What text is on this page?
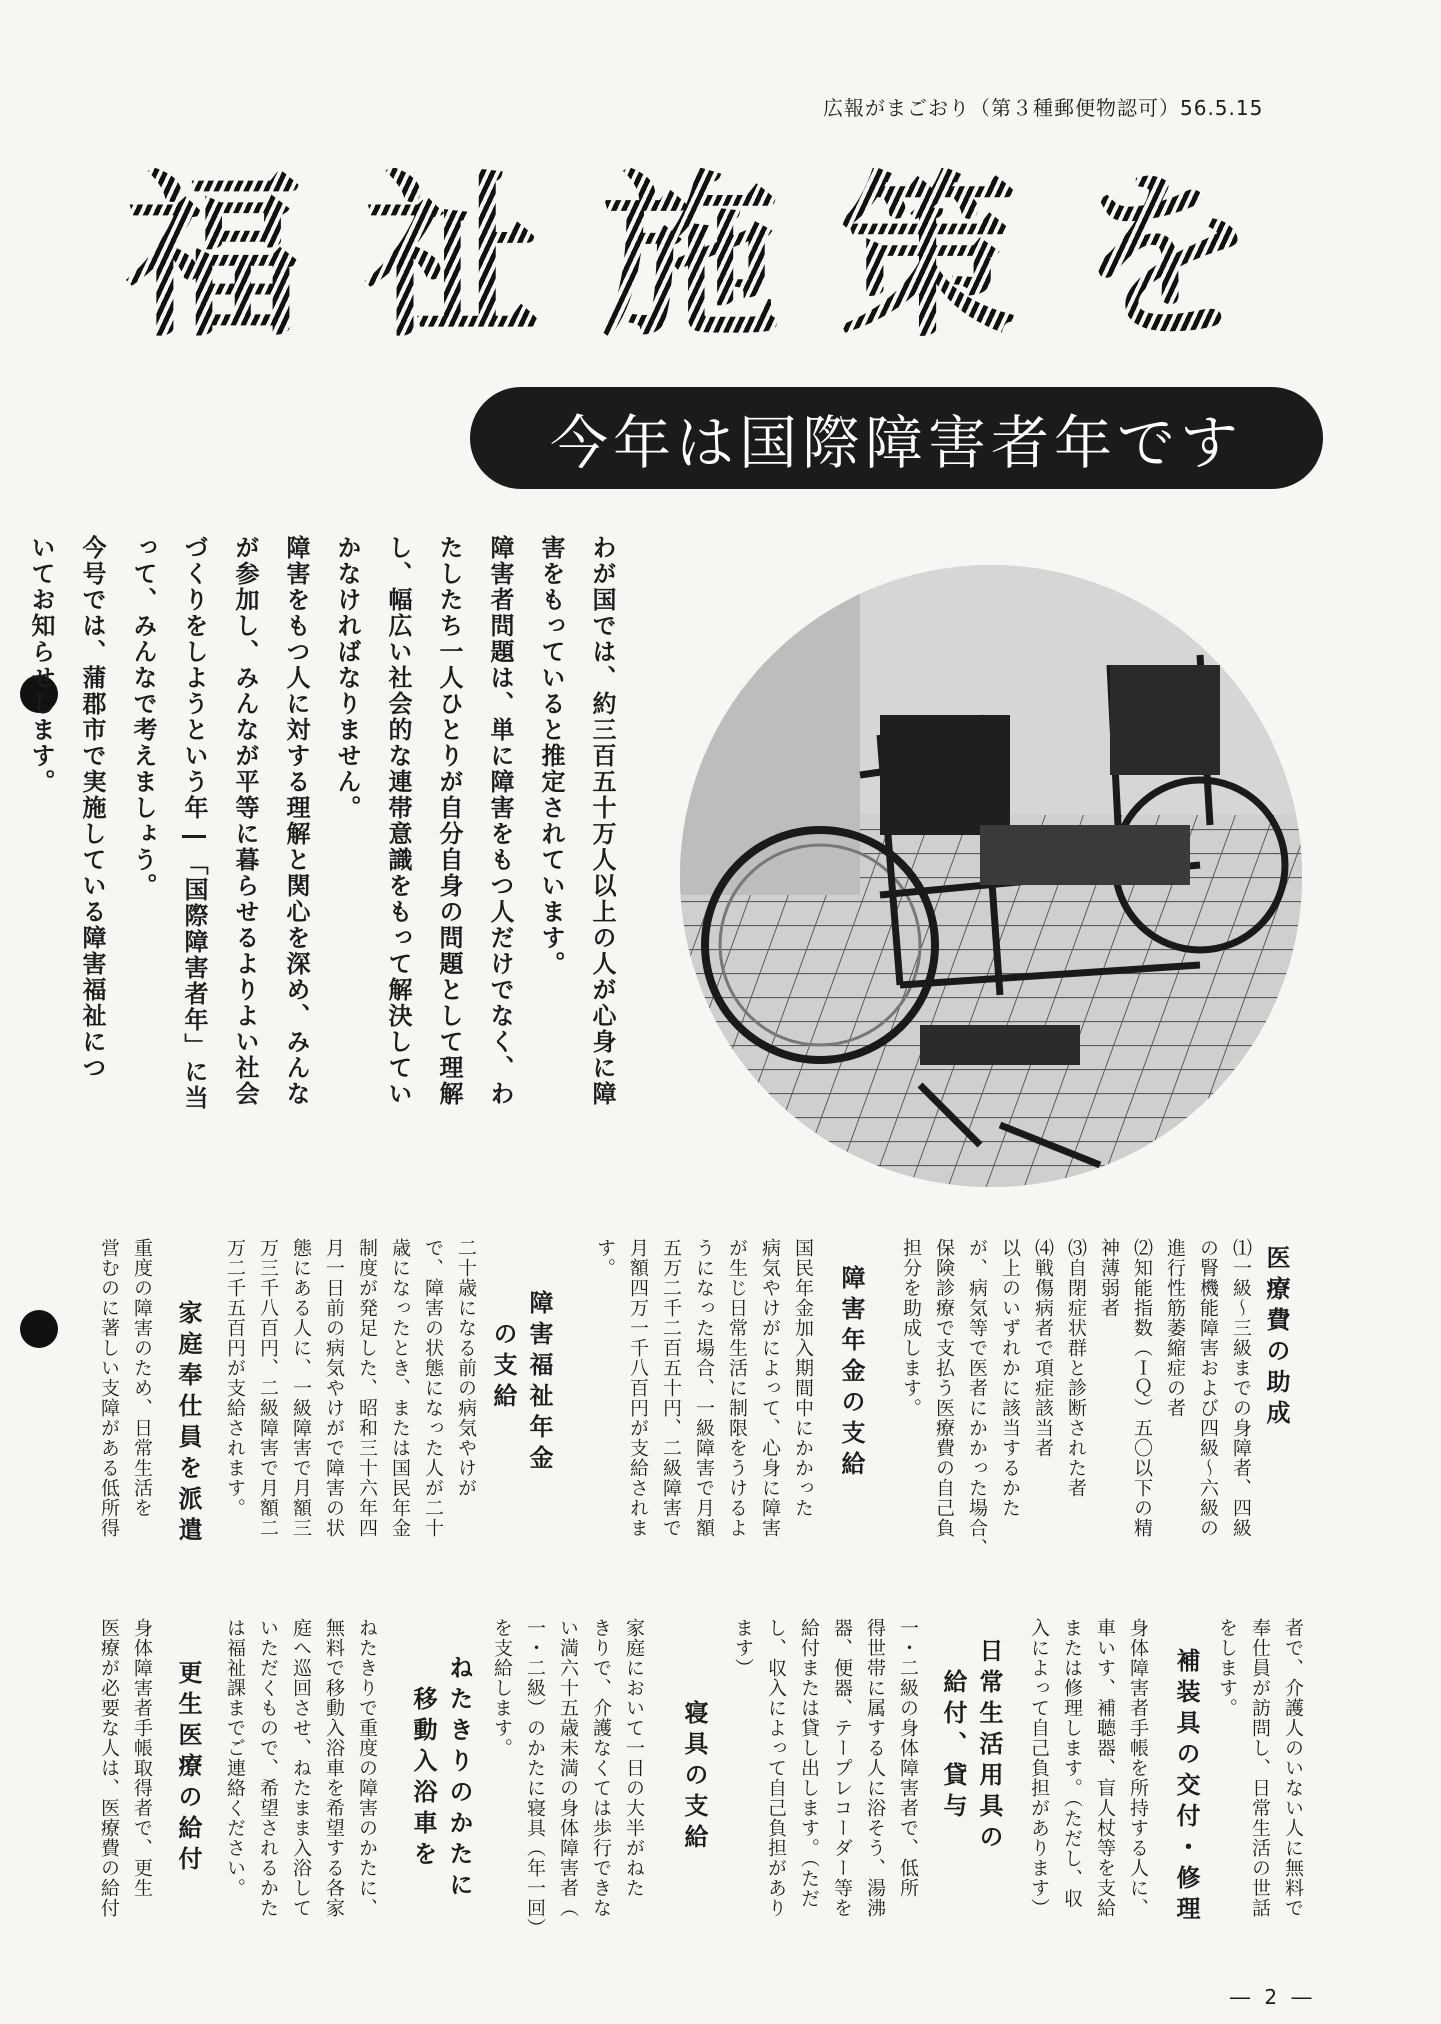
広報がまごおり（第３種郵便物認可）56.5.15
福 祉 施 策 を
今年は国際障害者年です
わが国では、約三百五十万人以上の人が心身に障
害をもっていると推定されています。
障害者問題は、単に障害をもつ人だけでなく、わ
たしたち一人ひとりが自分自身の問題として理解
し、幅広い社会的な連帯意識をもって解決してい
かなければなりません。
障害をもつ人に対する理解と関心を深め、みんな
が参加し、みんなが平等に暮らせるよりよい社会
づくりをしようという年―「国際障害者年」に当
って、みんなで考えましょう。
今号では、蒲郡市で実施している障害福祉につ
いてお知らせします。
医療費の助成
⑴一級～三級までの身障者、四級
の腎機能障害および四級～六級の
進行性筋萎縮症の者
⑵知能指数（ＩＱ）五〇以下の精
神薄弱者
⑶自閉症状群と診断された者
⑷戦傷病者で項症該当者
以上のいずれかに該当するかた
が、病気等で医者にかかった場合、
保険診療で支払う医療費の自己負
担分を助成します。
障害年金の支給
国民年金加入期間中にかかった
病気やけがによって、心身に障害
が生じ日常生活に制限をうけるよ
うになった場合、一級障害で月額
五万二千二百五十円、二級障害で
月額四万一千八百円が支給されま
す。
障害福祉年金
　の支給
二十歳になる前の病気やけが
で、障害の状態になった人が二十
歳になったとき、または国民年金
制度が発足した、昭和三十六年四
月一日前の病気やけがで障害の状
態にある人に、一級障害で月額三
万三千八百円、二級障害で月額二
万二千五百円が支給されます。
家庭奉仕員を派遣
重度の障害のため、日常生活を
営むのに著しい支障がある低所得
者で、介護人のいない人に無料で
奉仕員が訪問し、日常生活の世話
をします。
補装具の交付・修理
身体障害者手帳を所持する人に、
車いす、補聴器、盲人杖等を支給
または修理します。（ただし、収
入によって自己負担があります）
日常生活用具の
　給付、貸与
一・二級の身体障害者で、低所
得世帯に属する人に浴そう、湯沸
器、便器、テープレコーダー等を
給付または貸し出します。（ただ
し、収入によって自己負担があり
ます）
寝具の支給
家庭において一日の大半がねた
きりで、介護なくては歩行できな
い満六十五歳未満の身体障害者（
一・二級）のかたに寝具（年一回）
を支給します。
ねたきりのかたに
　移動入浴車を
ねたきりで重度の障害のかたに、
無料で移動入浴車を希望する各家
庭へ巡回させ、ねたまま入浴して
いただくもので、希望されるかた
は福祉課までご連絡ください。
更生医療の給付
身体障害者手帳取得者で、更生
医療が必要な人は、医療費の給付
― 2 ―
